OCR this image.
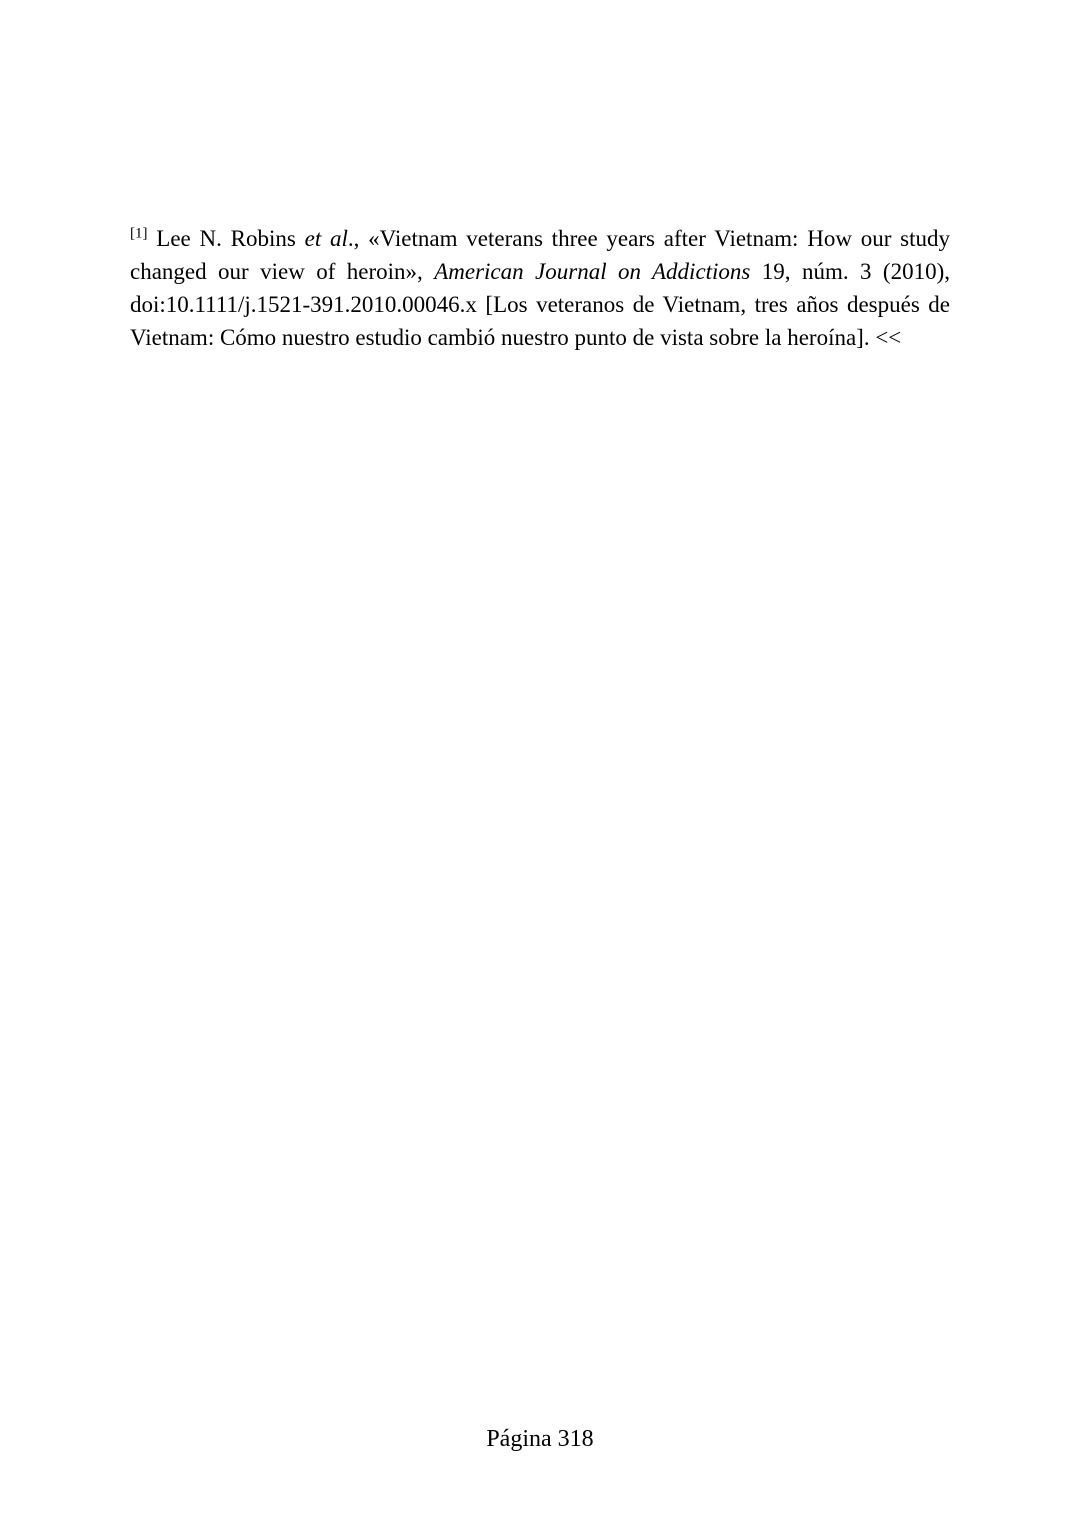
[1] Lee N. Robins et al., «Vietnam veterans three years after Vietnam: How our study changed our view of heroin», American Journal on Addictions 19, núm. 3 (2010), doi:10.1111/j.1521-391.2010.00046.x [Los veteranos de Vietnam, tres años después de Vietnam: Cómo nuestro estudio cambió nuestro punto de vista sobre la heroína]. <<

Página 318
